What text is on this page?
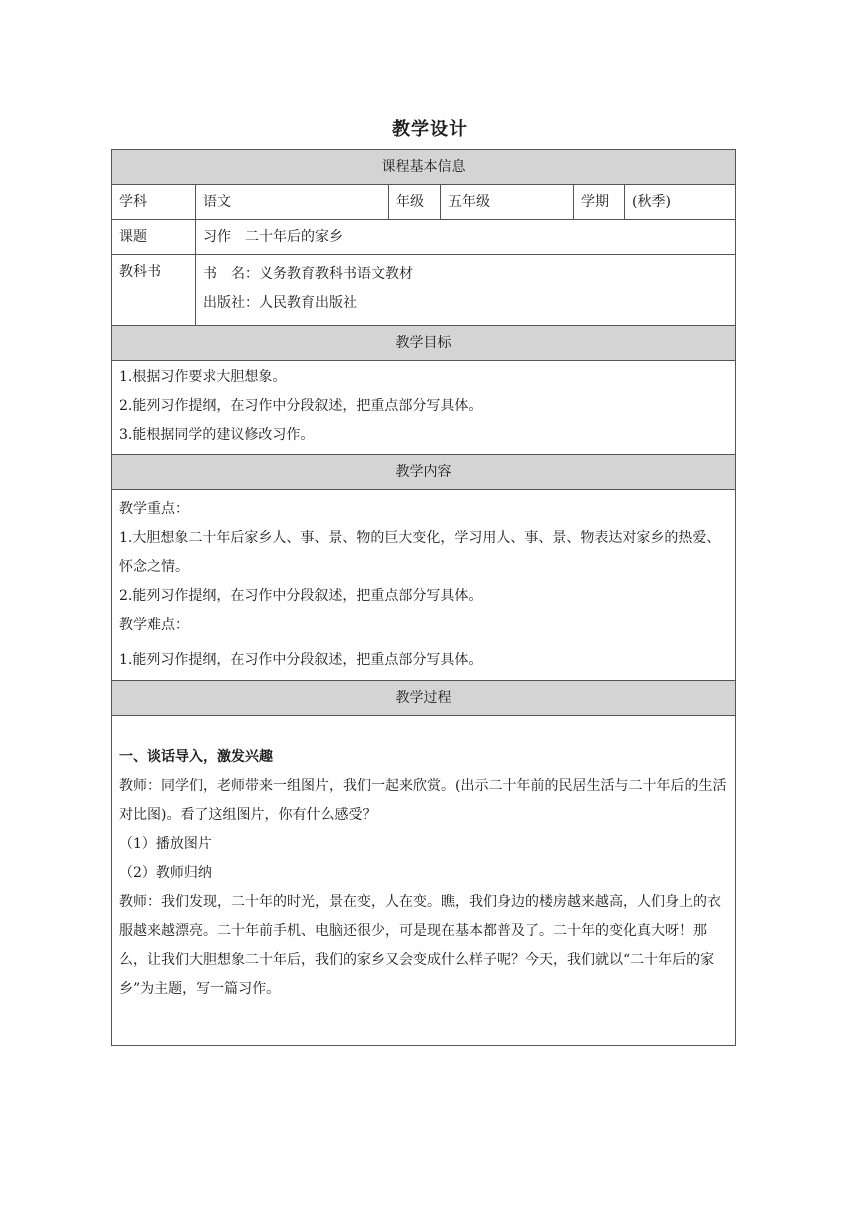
教学设计
课程基本信息
学科	语文	年级	五年级	学期	(秋季)
课题	习作　二十年后的家乡
教科书	书　名：义务教育教科书语文教材

出版社：人民教育出版社

教学目标

1.根据习作要求大胆想象。

2.能列习作提纲，在习作中分段叙述，把重点部分写具体。

3.能根据同学的建议修改习作。

教学内容

教学重点：

1.大胆想象二十年后家乡人、事、景、物的巨大变化，学习用人、事、景、物表达对家乡的热爱、怀念之情。

2.能列习作提纲，在习作中分段叙述，把重点部分写具体。

教学难点：

1.能列习作提纲，在习作中分段叙述，把重点部分写具体。

教学过程

一、谈话导入，激发兴趣

教师：同学们，老师带来一组图片，我们一起来欣赏。(出示二十年前的民居生活与二十年后的生活对比图)。看了这组图片，你有什么感受？

（1）播放图片

（2）教师归纳

教师：我们发现，二十年的时光，景在变，人在变。瞧，我们身边的楼房越来越高，人们身上的衣服越来越漂亮。二十年前手机、电脑还很少，可是现在基本都普及了。二十年的变化真大呀！那么，让我们大胆想象二十年后，我们的家乡又会变成什么样子呢？今天，我们就以“二十年后的家乡”为主题，写一篇习作。
